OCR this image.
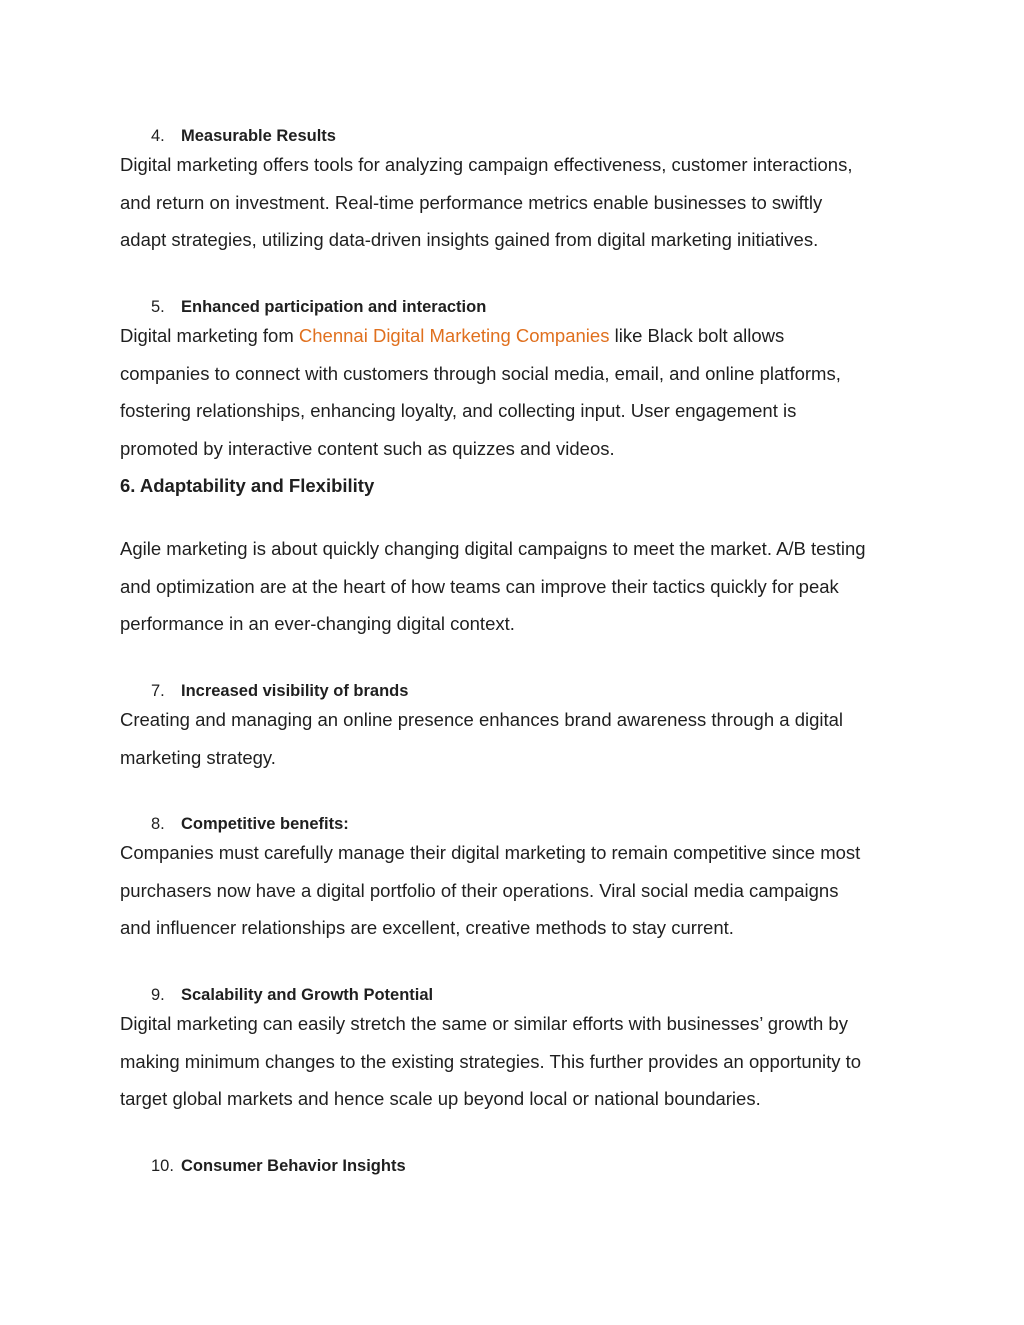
4. Measurable Results

Digital marketing offers tools for analyzing campaign effectiveness, customer interactions,
and return on investment. Real-time performance metrics enable businesses to swiftly
adapt strategies, utilizing data-driven insights gained from digital marketing initiatives.

5. Enhanced participation and interaction

Digital marketing fom Chennai Digital Marketing Companies like Black bolt allows
companies to connect with customers through social media, email, and online platforms,
fostering relationships, enhancing loyalty, and collecting input. User engagement is
promoted by interactive content such as quizzes and videos.

6. Adaptability and Flexibility

Agile marketing is about quickly changing digital campaigns to meet the market. A/B testing
and optimization are at the heart of how teams can improve their tactics quickly for peak
performance in an ever-changing digital context.

7. Increased visibility of brands

Creating and managing an online presence enhances brand awareness through a digital
marketing strategy.

8. Competitive benefits:

Companies must carefully manage their digital marketing to remain competitive since most
purchasers now have a digital portfolio of their operations. Viral social media campaigns
and influencer relationships are excellent, creative methods to stay current.

9. Scalability and Growth Potential

Digital marketing can easily stretch the same or similar efforts with businesses’ growth by
making minimum changes to the existing strategies. This further provides an opportunity to
target global markets and hence scale up beyond local or national boundaries.

10. Consumer Behavior Insights
